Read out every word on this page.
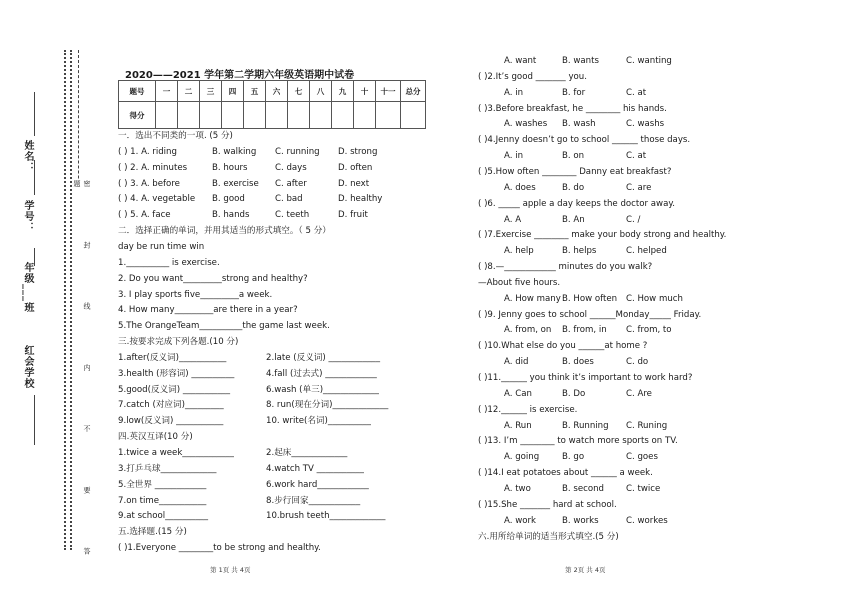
红会学校
年级___班
学号：
姓名：
密 封 线 内 不 要 答 题
2020——2021 学年第二学期六年级英语期中试卷
题号	一	二	三	四	五	六	七	八	九	十	十一	总分
得分												
一．选出不同类的一项. (5 分)
( ) 1. A. riding	B. walking C. running D. strong
( ) 2. A. minutes	B. hours	C. days	D. often
( ) 3. A. before	B. exercise C. after	D. next
( ) 4. A. vegetable B. good	C. bad	D. healthy
( ) 5. A. face	B. hands	C. teeth	D. fruit
二．选择正确的单词，并用其适当的形式填空。（ 5 分）
day be run time win
1.__________ is exercise.
2. Do you want_________strong and healthy?
3. I play sports five_________a week.
4. How many_________are there in a year?
5.The OrangeTeam__________the game last week.
三.按要求完成下列各题.(10 分)
1.after(反义词)___________	2.late (反义词) ____________
3.health (形容词) __________	4.fall (过去式) ____________
5.good(反义词) ___________	6.wash (单三)_____________
7.catch (对应词)_________	8. run(现在分词)_____________
9.low(反义词) ___________	10. write(名词)__________
四.英汉互译(10 分)
1.twice a week____________	2.起床_____________
3.打乒乓球_____________	4.watch TV ___________
5.全世界 ____________	6.work hard____________
7.on time___________	8.步行回家____________
9.at school__________	10.brush teeth_____________
五.选择题.(15 分)
( )1.Everyone ________to be strong and healthy.
A. want	B. wants	C. wanting
( )2.It’s good _______ you.
A. in	B. for	C. at
( )3.Before breakfast, he ________ his hands.
A. washes B. wash	C. washs
( )4.Jenny doesn’t go to school ______ those days.
A. in	B. on	C. at
( )5.How often ________ Danny eat breakfast?
A. does	B. do	C. are
( )6. _____ apple a day keeps the doctor away.
A. A	B. An	C. /
( )7.Exercise ________ make your body strong and healthy.
A. help	B. helps	C. helped
( )8.—____________ minutes do you walk?
—About five hours.
A. How many B. How often C. How much
( )9. Jenny goes to school ______Monday_____ Friday.
A. from, on B. from, in C. from, to
( )10.What else do you ______at home ?
A. did	B. does	C. do
( )11.______ you think it’s important to work hard?
A. Can	B. Do	C. Are
( )12.______ is exercise.
A. Run	B. Running C. Runing
( )13. I’m ________ to watch more sports on TV.
A. going	B. go	C. goes
( )14.I eat potatoes about ______ a week.
A. two	B. second	C. twice
( )15.She _______ hard at school.
A. work	B. works	C. workes
六.用所给单词的适当形式填空.(5 分)
第 1页 共 4页	第 2页 共 4页
